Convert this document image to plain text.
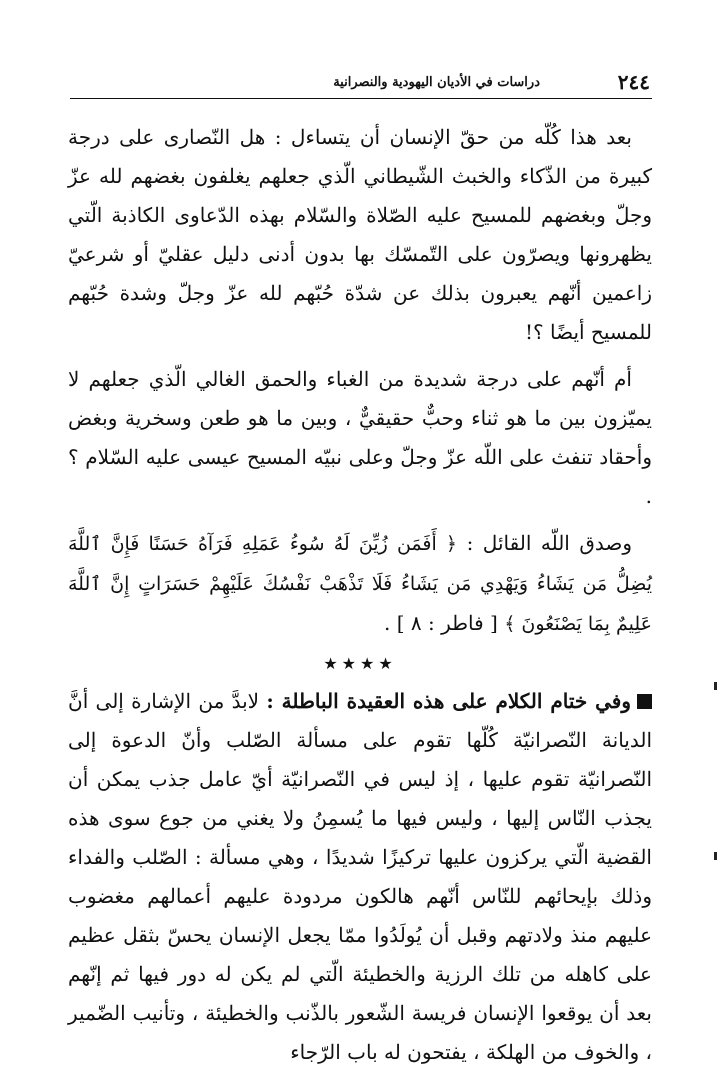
٢٤٤
دراسات في الأديان اليهودية والنصرانية

بعد هذا كُلّه من حقّ الإنسان أن يتساءل : هل النّصارى على درجة كبيرة من الذّكاء والخبث الشّيطاني الّذي جعلهم يغلفون بغضهم لله عزّ وجلّ وبغضهم للمسيح عليه الصّلاة والسّلام بهذه الدّعاوى الكاذبة الّتي يظهرونها ويصرّون على التّمسّك بها بدون أدنى دليل عقليّ أو شرعيّ زاعمين أنّهم يعبرون بذلك عن شدّة حُبّهم لله عزّ وجلّ وشدة حُبّهم للمسيح أيضًا ؟!

أم أنّهم على درجة شديدة من الغباء والحمق الغالي الّذي جعلهم لا يميّزون بين ما هو ثناء وحبٌّ حقيقيٌّ ، وبين ما هو طعن وسخرية وبغض وأحقاد تنفث على اللّه عزّ وجلّ وعلى نبيّه المسيح عيسى عليه السّلام ؟ .

وصدق اللّه القائل : ﴿ أَفَمَن زُيِّنَ لَهُ سُوءُ عَمَلِهِ فَرَآهُ حَسَنًا فَإِنَّ ٱللَّهَ يُضِلُّ مَن يَشَاءُ وَيَهْدِي مَن يَشَاءُ فَلَا تَذْهَبْ نَفْسُكَ عَلَيْهِمْ حَسَرَاتٍ إِنَّ ٱللَّهَ عَلِيمٌ بِمَا يَصْنَعُونَ ﴾ [ فاطر : ٨ ] .

★★★★

وفي ختام الكلام على هذه العقيدة الباطلة : لابدَّ من الإشارة إلى أنَّ الديانة النّصرانيّة كُلّها تقوم على مسألة الصّلب وأنّ الدعوة إلى النّصرانيّة تقوم عليها ، إذ ليس في النّصرانيّة أيّ عامل جذب يمكن أن يجذب النّاس إليها ، وليس فيها ما يُسمِنُ ولا يغني من جوع سوى هذه القضية الّتي يركزون عليها تركيزًا شديدًا ، وهي مسألة : الصّلب والفداء وذلك بإيحائهم للنّاس أنّهم هالكون مردودة عليهم أعمالهم مغضوب عليهم منذ ولادتهم وقبل أن يُولَدُوا ممّا يجعل الإنسان يحسّ بثقل عظيم على كاهله من تلك الرزية والخطيئة الّتي لم يكن له دور فيها ثم إنّهم بعد أن يوقعوا الإنسان فريسة الشّعور بالذّنب والخطيئة ، وتأنيب الضّمير ، والخوف من الهلكة ، يفتحون له باب الرّجاء
